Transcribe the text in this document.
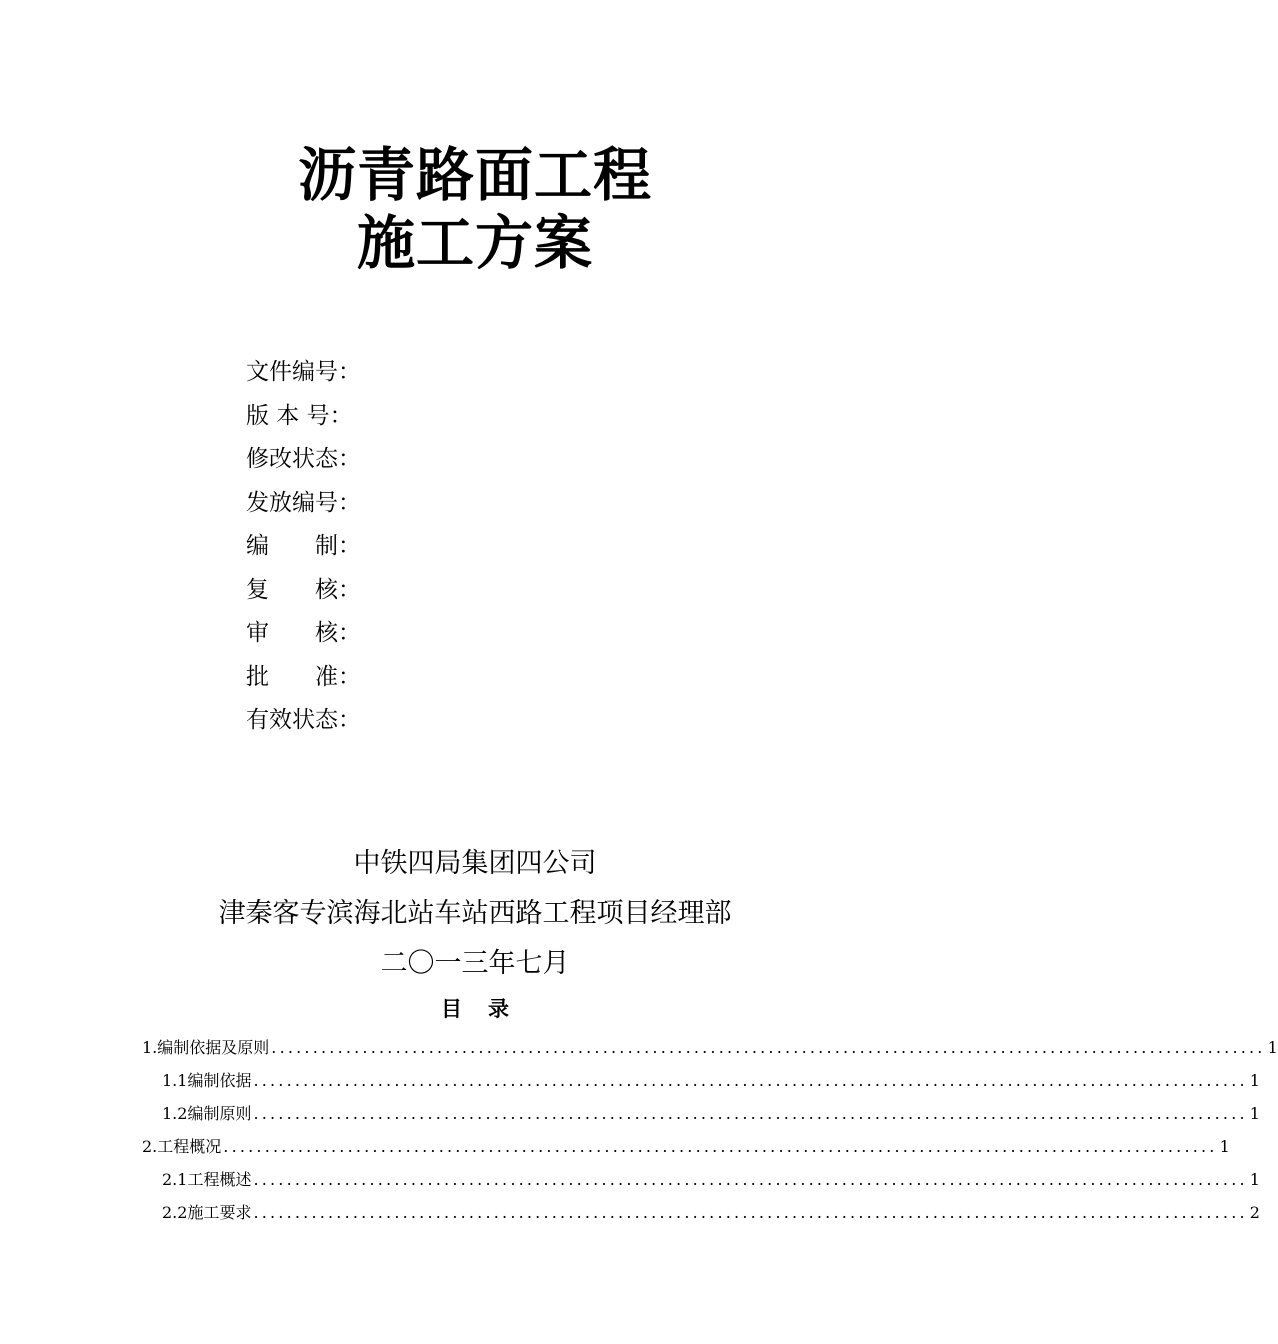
沥青路面工程
施工方案
文件编号：
版 本 号：
修改状态：
发放编号：
编　　制：
复　　核：
审　　核：
批　　准：
有效状态：
中铁四局集团四公司
津秦客专滨海北站车站西路工程项目经理部
二〇一三年七月
目 录
1.编制依据及原则 ........................................................................................................................ 1
1.1编制依据 ........................................................................................................................ 1
1.2编制原则 ........................................................................................................................ 1
2.工程概况 ........................................................................................................................ 1
2.1工程概述 ........................................................................................................................ 1
2.2施工要求 ........................................................................................................................ 2
